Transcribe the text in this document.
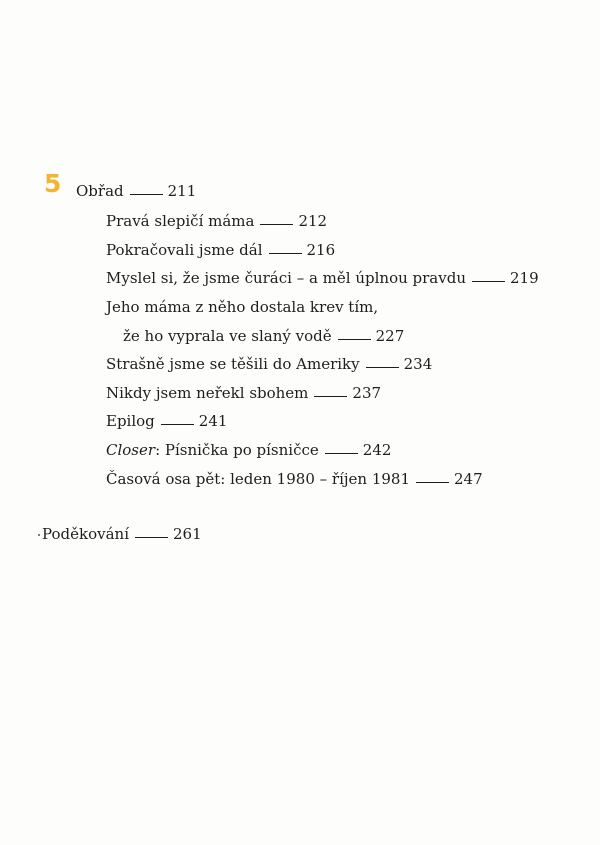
5 Obřad	211
Pravá slepičí máma	212
Pokračovali jsme dál	216
Myslel si, že jsme čuráci – a měl úplnou pravdu	219
Jeho máma z něho dostala krev tím,
že ho vyprala ve slaný vodě	227
Strašně jsme se těšili do Ameriky	234
Nikdy jsem neřekl sbohem	237
Epilog	241
Closer : Písnička po písničce	242
Časová osa pět: leden 1980 – říjen 1981	247
Poděkování	261
